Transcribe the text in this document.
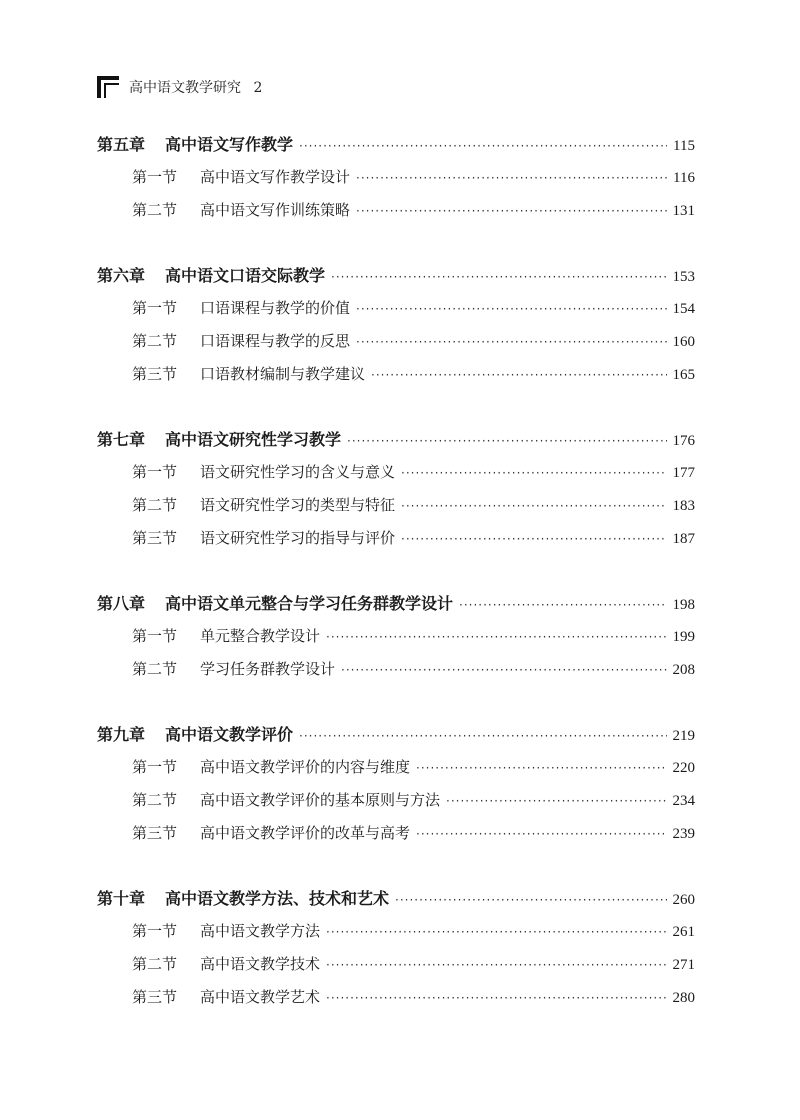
高中语文教学研究 2
第五章	高中语文写作教学 ·····	115
第一节	高中语文写作教学设计 ·····	116
第二节	高中语文写作训练策略 ·····	131
第六章	高中语文口语交际教学 ·····	153
第一节	口语课程与教学的价值 ·····	154
第二节	口语课程与教学的反思 ·····	160
第三节	口语教材编制与教学建议 ·····	165
第七章	高中语文研究性学习教学 ·····	176
第一节	语文研究性学习的含义与意义 ·····	177
第二节	语文研究性学习的类型与特征 ·····	183
第三节	语文研究性学习的指导与评价 ·····	187
第八章	高中语文单元整合与学习任务群教学设计 ·····	198
第一节	单元整合教学设计 ·····	199
第二节	学习任务群教学设计 ·····	208
第九章	高中语文教学评价 ·····	219
第一节	高中语文教学评价的内容与维度 ·····	220
第二节	高中语文教学评价的基本原则与方法 ·····	234
第三节	高中语文教学评价的改革与高考 ·····	239
第十章	高中语文教学方法、技术和艺术 ·····	260
第一节	高中语文教学方法 ·····	261
第二节	高中语文教学技术 ·····	271
第三节	高中语文教学艺术 ·····	280
